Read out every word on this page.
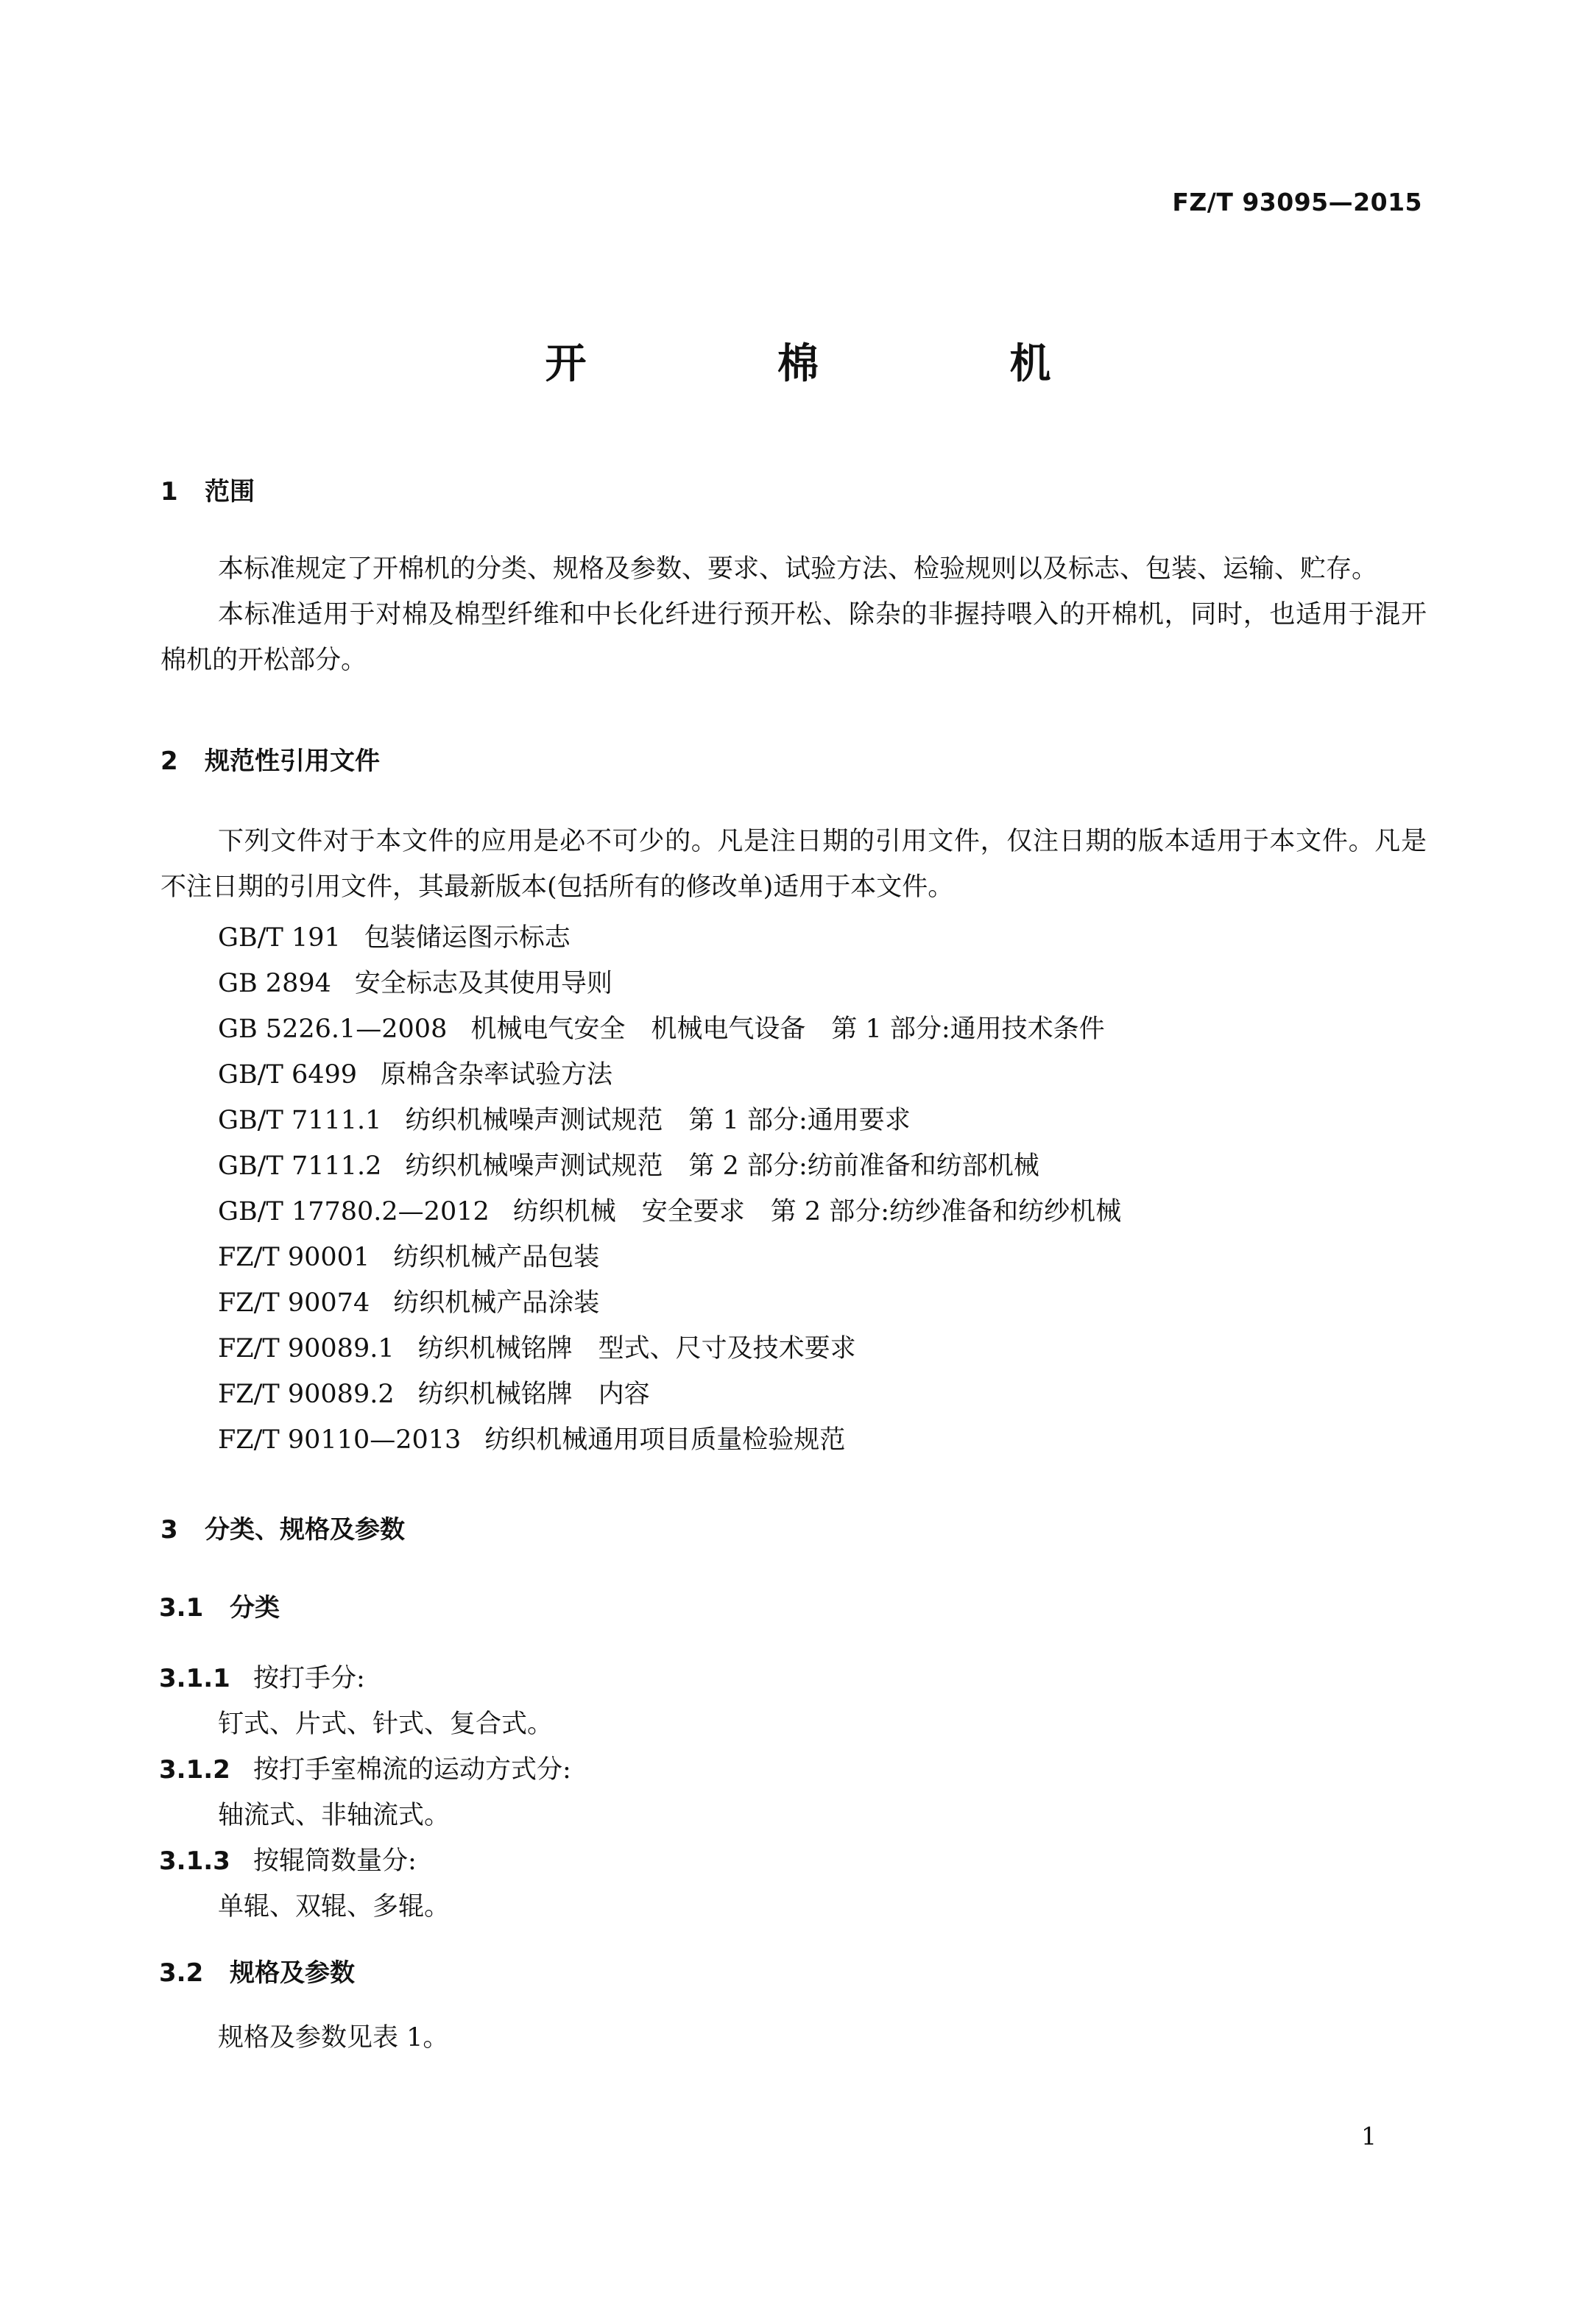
FZ/T 93095—2015
开 棉 机
1 范围
本标准规定了开棉机的分类、规格及参数、要求、试验方法、检验规则以及标志、包装、运输、贮存。
本标准适用于对棉及棉型纤维和中长化纤进行预开松、除杂的非握持喂入的开棉机，同时，也适用于混开棉机的开松部分。
2 规范性引用文件
下列文件对于本文件的应用是必不可少的。凡是注日期的引用文件，仅注日期的版本适用于本文件。凡是不注日期的引用文件，其最新版本(包括所有的修改单)适用于本文件。
GB/T 191 包装储运图示标志
GB 2894 安全标志及其使用导则
GB 5226.1—2008 机械电气安全　机械电气设备　第 1 部分:通用技术条件
GB/T 6499 原棉含杂率试验方法
GB/T 7111.1 纺织机械噪声测试规范　第 1 部分:通用要求
GB/T 7111.2 纺织机械噪声测试规范　第 2 部分:纺前准备和纺部机械
GB/T 17780.2—2012 纺织机械　安全要求　第 2 部分:纺纱准备和纺纱机械
FZ/T 90001 纺织机械产品包装
FZ/T 90074 纺织机械产品涂装
FZ/T 90089.1 纺织机械铭牌　型式、尺寸及技术要求
FZ/T 90089.2 纺织机械铭牌　内容
FZ/T 90110—2013 纺织机械通用项目质量检验规范
3 分类、规格及参数
3.1 分类
3.1.1 按打手分:
钉式、片式、针式、复合式。
3.1.2 按打手室棉流的运动方式分:
轴流式、非轴流式。
3.1.3 按辊筒数量分:
单辊、双辊、多辊。
3.2 规格及参数
规格及参数见表 1。
1
